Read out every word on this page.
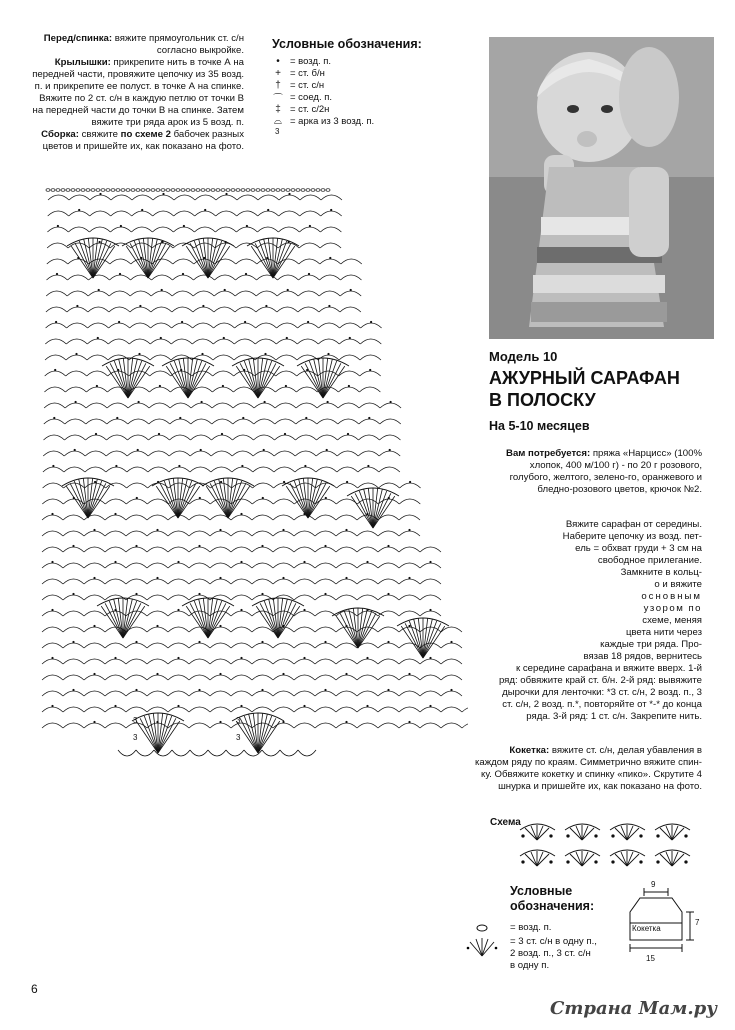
Перед/спинка: вяжите прямоугольник ст. с/н согласно выкройке.
Крылышки: прикрепите нить в точке А на передней части, провяжите цепочку из 35 возд. п. и прикрепите ее полуст. в точке А на спинке. Вяжите по 2 ст. с/н в каждую петлю от точки В на передней части до точки В на спинке. Затем вяжите три ряда арок из 5 возд. п.
Сборка: свяжите по схеме 2 бабочек разных цветов и пришейте их, как показано на фото.
Условные обозначения:
•	= возд. п.
+ = ст. б/н
† = ст. с/н
⌒ = соед. п.
‡ = ст. с/2н
⌓ = арка из 3 возд. п.
3
Модель 10
АЖУРНЫЙ САРАФАН
В ПОЛОСКУ
На 5-10 месяцев
Вам потребуется: пряжа «Нарцисс» (100% хлопок, 400 м/100 г) - по 20 г розового, голубого, желтого, зелено-го, оранжевого и бледно-розового цветов, крючок №2.
Вяжите сарафан от середины.
Наберите цепочку из возд. пет-
ель = обхват груди + 3 см на
свободное прилегание.
Замкните в кольц-
о и вяжите
основным
узором по
схеме, меняя
цвета нити через
каждые три ряда. Про-
вязав 18 рядов, вернитесь
к середине сарафана и вяжите вверх. 1-й
ряд: обвяжите край ст. б/н. 2-й ряд: вывяжите
дырочки для ленточки: *3 ст. с/н, 2 возд. п., 3
ст. с/н, 2 возд. п.*, повторяйте от *-* до конца
ряда. 3-й ряд: 1 ст. с/н. Закрепите нить.
Кокетка: вяжите ст. с/н, делая убавления в
каждом ряду по краям. Симметрично вяжите спин-
ку. Обвяжите кокетку и спинку «пико». Скрутите 4
шнурка и пришейте их, как показано на фото.
Схема
Условные
обозначения:
= возд. п.
= 3 ст. с/н в одну п.,
2 возд. п., 3 ст. с/н
в одну п.
9
7
15
Кокетка
3	3
3	3
6
Страна Мам.ру
